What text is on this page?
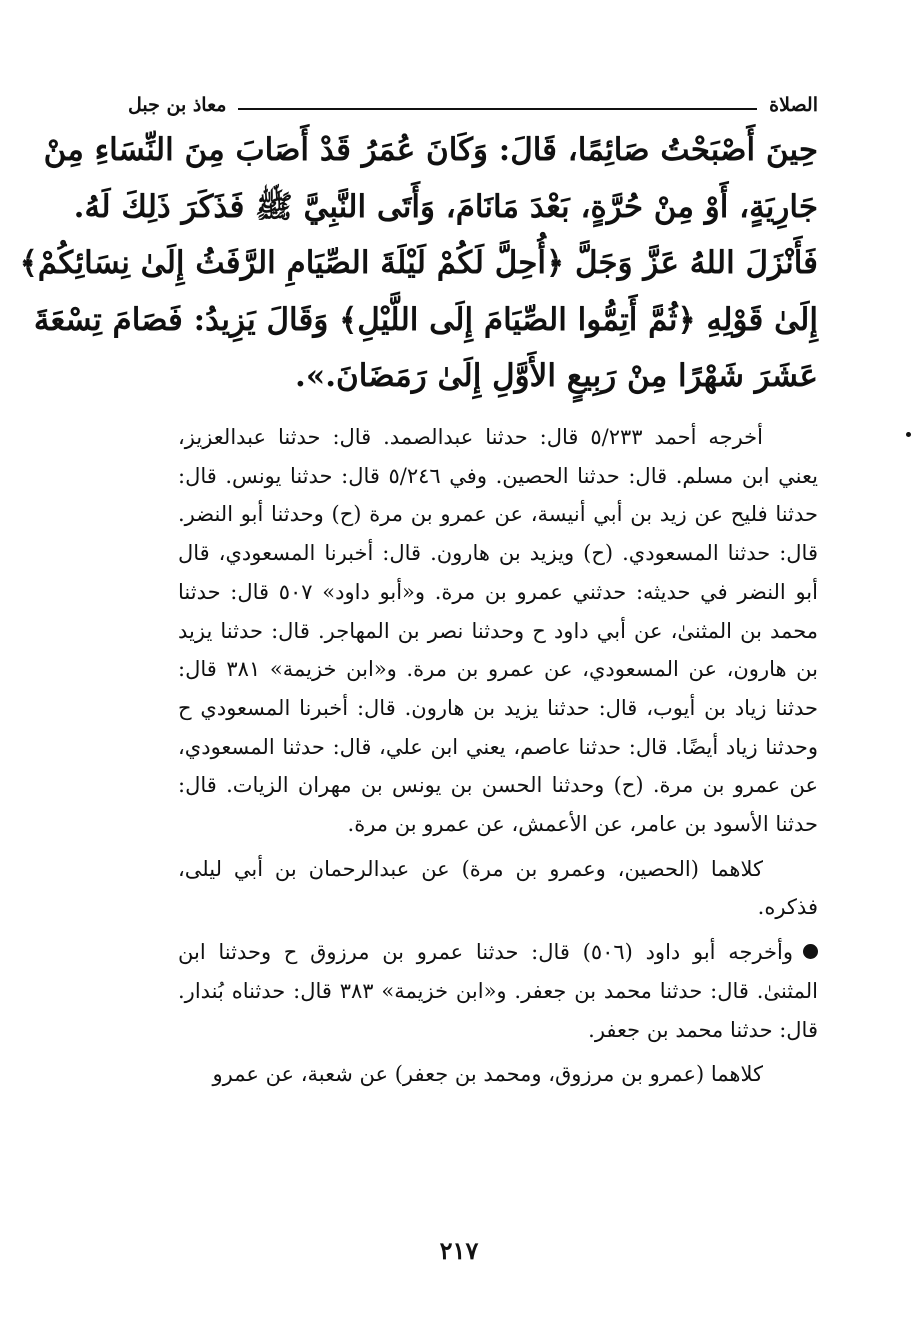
الصلاة
معاذ بن جبل
حِينَ أَصْبَحْتُ صَائِمًا، قَالَ: وَكَانَ عُمَرُ قَدْ أَصَابَ مِنَ النِّسَاءِ مِنْ
جَارِيَةٍ، أَوْ مِنْ حُرَّةٍ، بَعْدَ مَانَامَ، وَأَتَى النَّبِيَّ ﷺ فَذَكَرَ ذَلِكَ لَهُ.
فَأَنْزَلَ اللهُ عَزَّ وَجَلَّ ﴿أُحِلَّ لَكُمْ لَيْلَةَ الصِّيَامِ الرَّفَثُ إِلَىٰ نِسَائِكُمْ﴾
إِلَىٰ قَوْلِهِ ﴿ثُمَّ أَتِمُّوا الصِّيَامَ إِلَى اللَّيْلِ﴾ وَقَالَ يَزِيدُ: فَصَامَ تِسْعَةَ
عَشَرَ شَهْرًا مِنْ رَبِيعٍ الأَوَّلِ إِلَىٰ رَمَضَانَ.».

أخرجه أحمد ٥/٢٣٣ قال: حدثنا عبدالصمد. قال: حدثنا عبدالعزيز، يعني ابن مسلم. قال: حدثنا الحصين. وفي ٥/٢٤٦ قال: حدثنا يونس. قال: حدثنا فليح عن زيد بن أبي أنيسة، عن عمرو بن مرة (ح) وحدثنا أبو النضر. قال: حدثنا المسعودي. (ح) ويزيد بن هارون. قال: أخبرنا المسعودي، قال أبو النضر في حديثه: حدثني عمرو بن مرة. و«أبو داود» ٥٠٧ قال: حدثنا محمد بن المثنىٰ، عن أبي داود ح وحدثنا نصر بن المهاجر. قال: حدثنا يزيد بن هارون، عن المسعودي، عن عمرو بن مرة. و«ابن خزيمة» ٣٨١ قال: حدثنا زياد بن أيوب، قال: حدثنا يزيد بن هارون. قال: أخبرنا المسعودي ح وحدثنا زياد أيضًا. قال: حدثنا عاصم، يعني ابن علي، قال: حدثنا المسعودي، عن عمرو بن مرة. (ح) وحدثنا الحسن بن يونس بن مهران الزيات. قال: حدثنا الأسود بن عامر، عن الأعمش، عن عمرو بن مرة.

كلاهما (الحصين، وعمرو بن مرة) عن عبدالرحمان بن أبي ليلى، فذكره.

وأخرجه أبو داود (٥٠٦) قال: حدثنا عمرو بن مرزوق ح وحدثنا ابن المثنىٰ. قال: حدثنا محمد بن جعفر. و«ابن خزيمة» ٣٨٣ قال: حدثناه بُندار. قال: حدثنا محمد بن جعفر.

كلاهما (عمرو بن مرزوق، ومحمد بن جعفر) عن شعبة، عن عمرو

٢١٧
